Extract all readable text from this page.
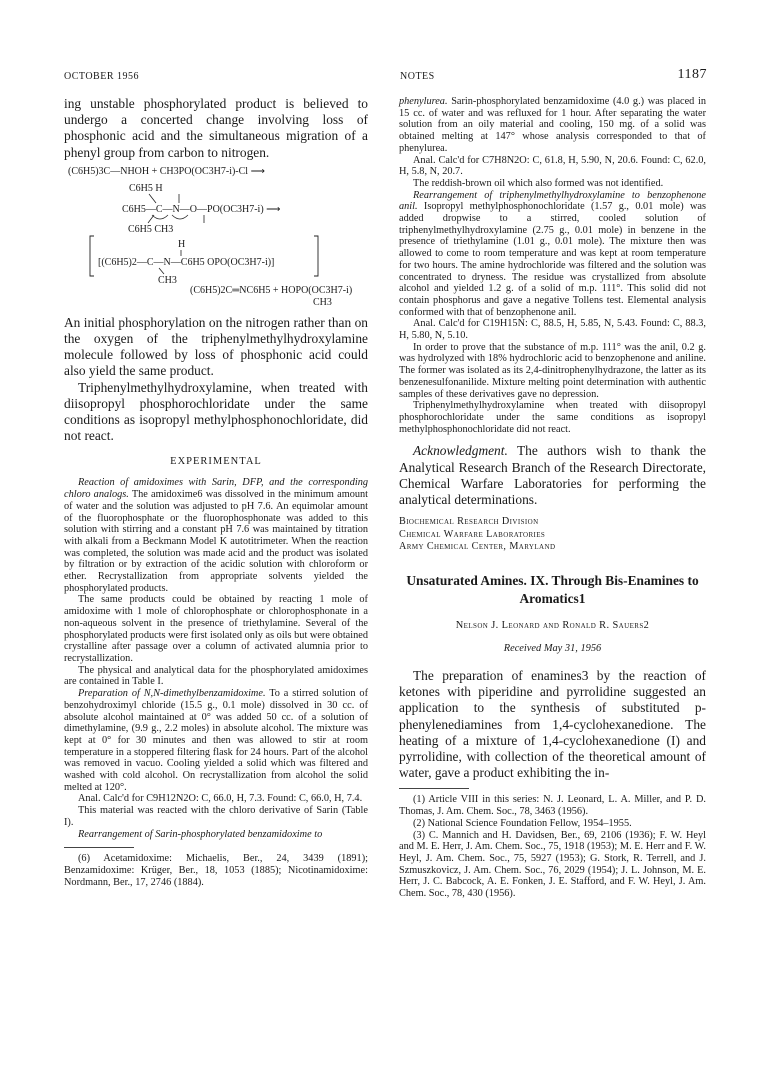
OCTOBER 1956	NOTES	1187

ing unstable phosphorylated product is believed to undergo a concerted change involving loss of phosphonic acid and the simultaneous migration of a phenyl group from carbon to nitrogen.

(C6H5)3C—NHOH + CH3PO(OC3H7-i)-Cl ⟶
C6H5 H
C6H5—C—N—O—PO(OC3H7-i) ⟶
C6H5 CH3
H
[(C6H5)2—C—N—C6H5 OPO(OC3H7-i)]
CH3
(C6H5)2C═NC6H5 + HOPO(OC3H7-i)
CH3

An initial phosphorylation on the nitrogen rather than on the oxygen of the triphenylmethylhydroxylamine molecule followed by loss of phosphonic acid could also yield the same product.

Triphenylmethylhydroxylamine, when treated with diisopropyl phosphorochloridate under the same conditions as isopropyl methylphosphonochloridate, did not react.

EXPERIMENTAL

Reaction of amidoximes with Sarin, DFP, and the corresponding chloro analogs. The amidoxime6 was dissolved in the minimum amount of water and the solution was adjusted to pH 7.6. An equimolar amount of the fluorophosphate or the fluorophosphonate was added to this solution with stirring and a constant pH 7.6 was maintained by titration with alkali from a Beckmann Model K autotitrimeter. When the reaction was completed, the solution was made acid and the product was isolated by filtration or by extraction of the acidic solution with chloroform or ether. Recrystallization from appropriate solvents yielded the phosphorylated products.

The same products could be obtained by reacting 1 mole of amidoxime with 1 mole of chlorophosphate or chlorophosphonate in a non-aqueous solvent in the presence of triethylamine. Several of the phosphorylated products were first isolated only as oils but were obtained crystalline after passage over a column of activated alumnia prior to recrystallization.

The physical and analytical data for the phosphorylated amidoximes are contained in Table I.

Preparation of N,N-dimethylbenzamidoxime. To a stirred solution of benzohydroximyl chloride (15.5 g., 0.1 mole) dissolved in 30 cc. of absolute alcohol maintained at 0° was added 50 cc. of a solution of dimethylamine, (9.9 g., 2.2 moles) in absolute alcohol. The mixture was kept at 0° for 30 minutes and then was allowed to stir at room temperature in a stoppered filtering flask for 24 hours. Part of the alcohol was removed in vacuo. Cooling yielded a solid which was filtered and washed with cold alcohol. On recrystallization from alcohol the solid melted at 120°.

Anal. Calc'd for C9H12N2O: C, 66.0, H, 7.3. Found: C, 66.0, H, 7.4.

This material was reacted with the chloro derivative of Sarin (Table I).

Rearrangement of Sarin-phosphorylated benzamidoxime to

(6) Acetamidoxime: Michaelis, Ber., 24, 3439 (1891); Benzamidoxime: Krüger, Ber., 18, 1053 (1885); Nicotinamidoxime: Nordmann, Ber., 17, 2746 (1884).

phenylurea. Sarin-phosphorylated benzamidoxime (4.0 g.) was placed in 15 cc. of water and was refluxed for 1 hour. After separating the water solution from an oily material and cooling, 150 mg. of a solid was obtained melting at 147° whose analysis corresponded to that of phenylurea.

Anal. Calc'd for C7H8N2O: C, 61.8, H, 5.90, N, 20.6. Found: C, 62.0, H, 5.8, N, 20.7.

The reddish-brown oil which also formed was not identified.

Rearrangement of triphenylmethylhydroxylamine to benzophenone anil. Isopropyl methylphosphonochloridate (1.57 g., 0.01 mole) was added dropwise to a stirred, cooled solution of triphenylmethylhydroxylamine (2.75 g., 0.01 mole) in benzene in the presence of triethylamine (1.01 g., 0.01 mole). The mixture then was allowed to come to room temperature and was kept at room temperature for two hours. The amine hydrochloride was filtered and the solution was concentrated to dryness. The residue was crystallized from absolute alcohol and yielded 1.2 g. of a solid of m.p. 111°. This solid did not contain phosphorus and gave a negative Tollens test. Elemental analysis conformed with that of benzophenone anil.

Anal. Calc'd for C19H15N: C, 88.5, H, 5.85, N, 5.43. Found: C, 88.3, H, 5.80, N, 5.10.

In order to prove that the substance of m.p. 111° was the anil, 0.2 g. was hydrolyzed with 18% hydrochloric acid to benzophenone and aniline. The former was isolated as its 2,4-dinitrophenylhydrazone, the latter as its benzenesulfonanilide. Mixture melting point determination with authentic samples of these derivatives gave no depression.

Triphenylmethylhydroxylamine when treated with diisopropyl phosphorochloridate under the same conditions as isopropyl methylphosphonochloridate did not react.

Acknowledgment. The authors wish to thank the Analytical Research Branch of the Research Directorate, Chemical Warfare Laboratories for performing the analytical determinations.

Biochemical Research Division
Chemical Warfare Laboratories
Army Chemical Center, Maryland
Unsaturated Amines. IX. Through Bis-Enamines to Aromatics1
Nelson J. Leonard and Ronald R. Sauers2
Received May 31, 1956

The preparation of enamines3 by the reaction of ketones with piperidine and pyrrolidine suggested an application to the synthesis of substituted p-phenylenediamines from 1,4-cyclohexanedione. The heating of a mixture of 1,4-cyclohexanedione (I) and pyrrolidine, with collection of the theoretical amount of water, gave a product exhibiting the in-

(1) Article VIII in this series: N. J. Leonard, L. A. Miller, and P. D. Thomas, J. Am. Chem. Soc., 78, 3463 (1956).

(2) National Science Foundation Fellow, 1954–1955.

(3) C. Mannich and H. Davidsen, Ber., 69, 2106 (1936); F. W. Heyl and M. E. Herr, J. Am. Chem. Soc., 75, 1918 (1953); M. E. Herr and F. W. Heyl, J. Am. Chem. Soc., 75, 5927 (1953); G. Stork, R. Terrell, and J. Szmuszkovicz, J. Am. Chem. Soc., 76, 2029 (1954); J. L. Johnson, M. E. Herr, J. C. Babcock, A. E. Fonken, J. E. Stafford, and F. W. Heyl, J. Am. Chem. Soc., 78, 430 (1956).
